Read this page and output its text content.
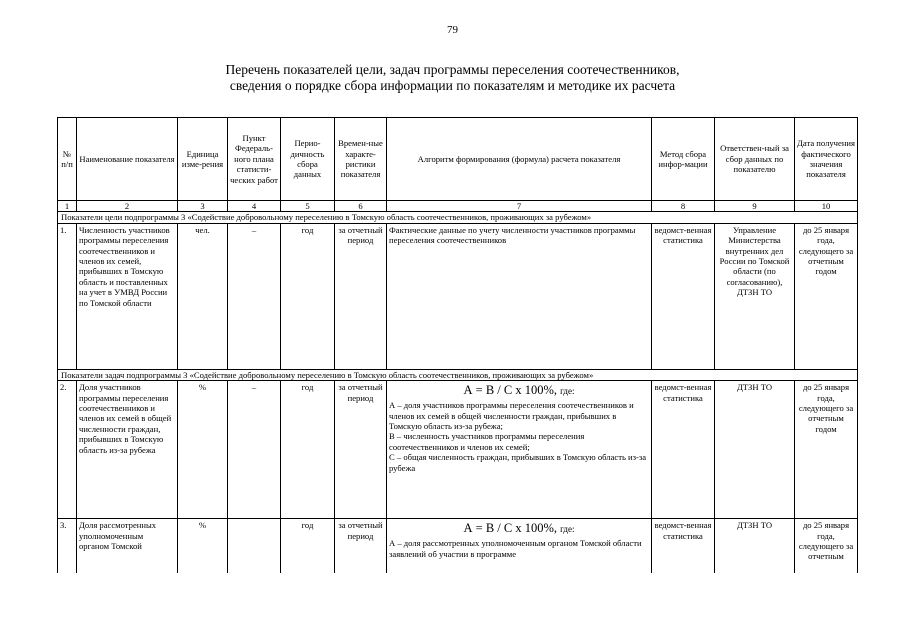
79
Перечень показателей цели, задач программы переселения соотечественников,
сведения о порядке сбора информации по показателям и методике их расчета
№ п/п	Наименование показателя	Единица изме-рения	Пункт Федераль-ного плана статисти-ческих работ	Перио-дичность сбора данных	Времен-ные характе-ристики показателя	Алгоритм формирования (формула) расчета показателя	Метод сбора инфор-мации	Ответствен-ный за сбор данных по показателю	Дата получения фактического значения показателя
1	2	3	4	5	6	7	8	9	10
Показатели цели подпрограммы 3 «Содействие добровольному переселению в Томскую область соотечественников, проживающих за рубежом»									
1.	Численность участников программы переселения соотечественников и членов их семей, прибывших в Томскую область и поставленных на учет в УМВД России по Томской области	чел.	–	год	за отчетный период	Фактические данные по учету численности участников программы переселения соотечественников	ведомст-венная статистика	Управление Министерства внутренних дел России по Томской области (по согласованию), ДТЗН ТО	до 25 января года, следующего за отчетным годом
Показатели задач подпрограммы 3 «Содействие добровольному переселению в Томскую область соотечественников, проживающих за рубежом»									
2.	Доля участников программы переселения соотечественников и членов их семей в общей численности граждан, прибывших в Томскую область из-за рубежа	%	–	год	за отчетный период	А = В / С х 100%, где:
А – доля участников программы переселения соотечественников и членов их семей в общей численности граждан, прибывших в Томскую область из-за рубежа;
В – численность участников программы переселения соотечественников и членов их семей;
С – общая численность граждан, прибывших в Томскую область из-за рубежа	ведомст-венная статистика	ДТЗН ТО	до 25 января года, следующего за отчетным годом
3.	Доля рассмотренных уполномоченным органом Томской	%		год	за отчетный период	А = В / С х 100%, где:
А – доля рассмотренных уполномоченным органом Томской области заявлений об участии в программе	ведомст-венная статистика	ДТЗН ТО	до 25 января года, следующего за отчетным
